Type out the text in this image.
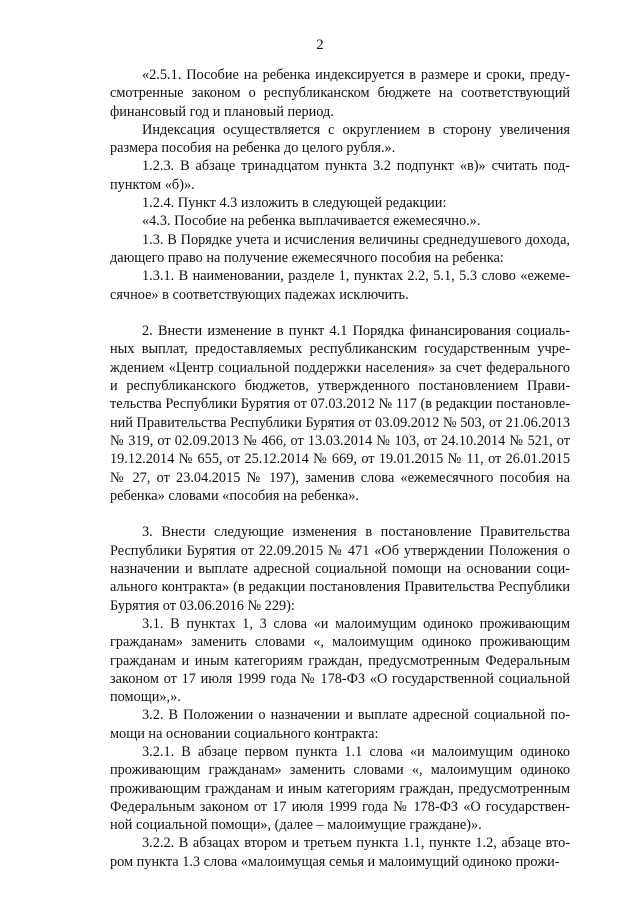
2

«2.5.1. Пособие на ребенка индексируется в размере и сроки, предусмотренные законом о республиканском бюджете на соответствующий финансовый год и плановый период.

Индексация осуществляется с округлением в сторону увеличения размера пособия на ребенка до целого рубля.».

1.2.3. В абзаце тринадцатом пункта 3.2 подпункт «в)» считать подпунктом «б)».

1.2.4. Пункт 4.3 изложить в следующей редакции:

«4.3. Пособие на ребенка выплачивается ежемесячно.».

1.3. В Порядке учета и исчисления величины среднедушевого дохода, дающего право на получение ежемесячного пособия на ребенка:

1.3.1. В наименовании, разделе 1, пунктах 2.2, 5.1, 5.3 слово «ежемесячное» в соответствующих падежах исключить.

2. Внести изменение в пункт 4.1 Порядка финансирования социальных выплат, предоставляемых республиканским государственным учреждением «Центр социальной поддержки населения» за счет федерального и республиканского бюджетов, утвержденного постановлением Правительства Республики Бурятия от 07.03.2012 № 117 (в редакции постановлений Правительства Республики Бурятия от 03.09.2012 № 503, от 21.06.2013 № 319, от 02.09.2013 № 466, от 13.03.2014 № 103, от 24.10.2014 № 521, от 19.12.2014 № 655, от 25.12.2014 № 669, от 19.01.2015 № 11, от 26.01.2015 № 27, от 23.04.2015 № 197), заменив слова «ежемесячного пособия на ребенка» словами «пособия на ребенка».

3. Внести следующие изменения в постановление Правительства Республики Бурятия от 22.09.2015 № 471 «Об утверждении Положения о назначении и выплате адресной социальной помощи на основании социального контракта» (в редакции постановления Правительства Республики Бурятия от 03.06.2016 № 229):

3.1. В пунктах 1, 3 слова «и малоимущим одиноко проживающим гражданам» заменить словами «, малоимущим одиноко проживающим гражданам и иным категориям граждан, предусмотренным Федеральным законом от 17 июля 1999 года № 178-ФЗ «О государственной социальной помощи»,».

3.2. В Положении о назначении и выплате адресной социальной помощи на основании социального контракта:

3.2.1. В абзаце первом пункта 1.1 слова «и малоимущим одиноко проживающим гражданам» заменить словами «, малоимущим одиноко проживающим гражданам и иным категориям граждан, предусмотренным Федеральным законом от 17 июля 1999 года № 178-ФЗ «О государственной социальной помощи», (далее – малоимущие граждане)».

3.2.2. В абзацах втором и третьем пункта 1.1, пункте 1.2, абзаце втором пункта 1.3 слова «малоимущая семья и малоимущий одиноко прожи-
